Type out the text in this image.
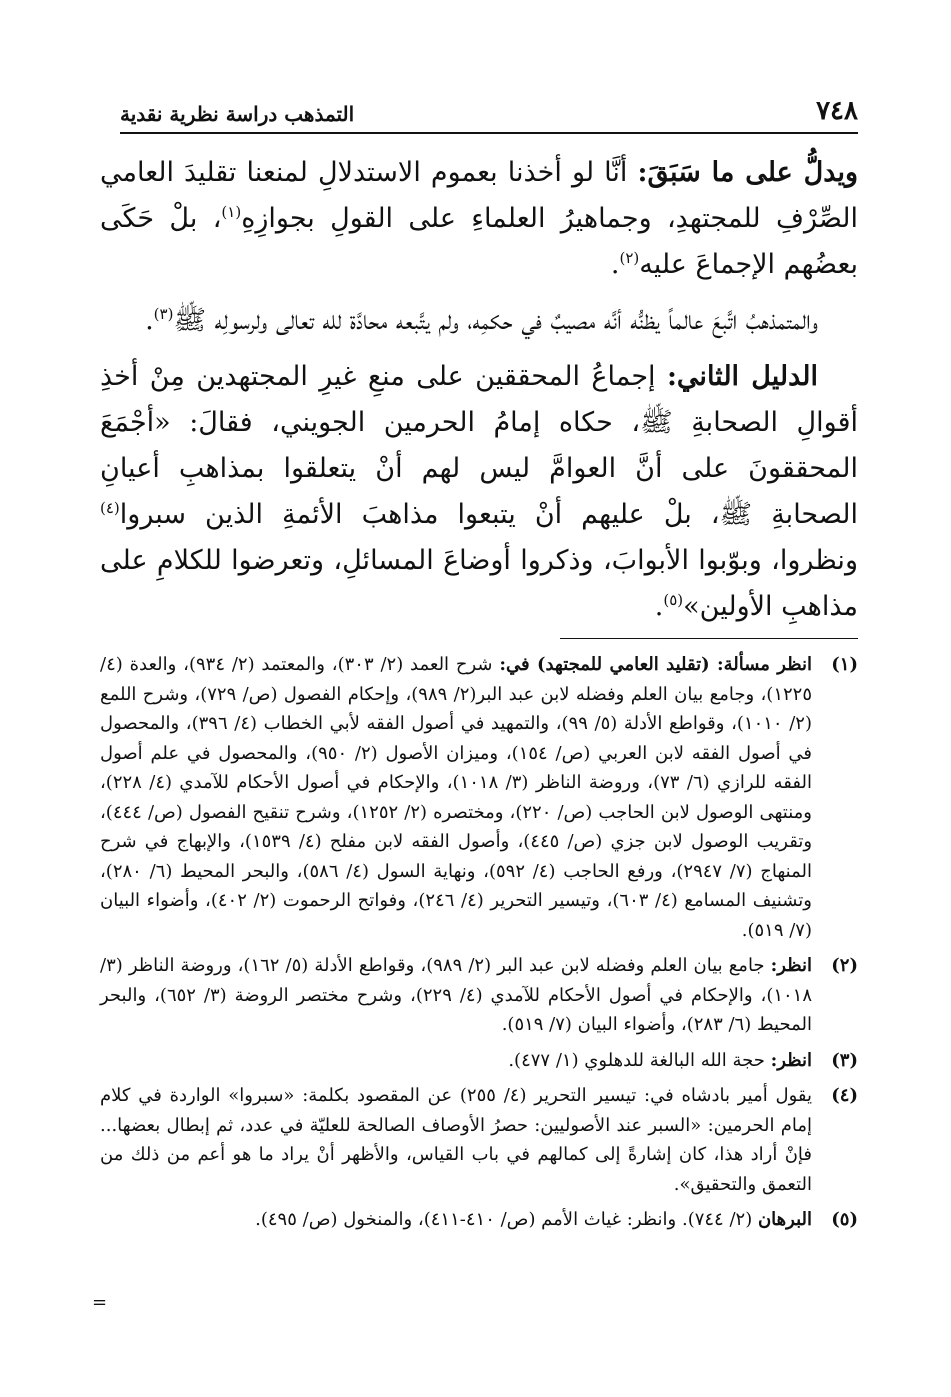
٧٤٨
التمذهب دراسة نظرية نقدية

ويدلُّ على ما سَبَقَ: أنَّا لو أخذنا بعموم الاستدلالِ لمنعنا تقليدَ العامي الصِّرْفِ للمجتهدِ، وجماهيرُ العلماءِ على القولِ بجوازِهِ$^{(١)}$، بلْ حَكَى بعضُهم الإجماعَ عليه$^{(٢)}$.

والمتمذهبُ اتَّبعَ عالماً يظنُّه أنَّه مصيبٌ في حكمِه، ولم يتَّبعه محادَّة لله تعالى ولرسولِه ﷺ$^{(٣)}$.

الدليل الثاني: إجماعُ المحققين على منعِ غيرِ المجتهدين مِنْ أخذِ أقوالِ الصحابةِ ﷺ، حكاه إمامُ الحرمين الجويني، فقالَ: «أجْمَعَ المحققونَ على أنَّ العوامَّ ليس لهم أنْ يتعلقوا بمذاهبِ أعيانِ الصحابةِ ﷺ، بلْ عليهم أنْ يتبعوا مذاهبَ الأئمةِ الذين سبروا$^{(٤)}$ ونظروا، وبوّبوا الأبوابَ، وذكروا أوضاعَ المسائلِ، وتعرضوا للكلامِ على مذاهبِ الأولين»$^{(٥)}$.

(١)
انظر مسألة: (تقليد العامي للمجتهد) في: شرح العمد (٢/ ٣٠٣)، والمعتمد (٢/ ٩٣٤)، والعدة (٤/ ١٢٢٥)، وجامع بيان العلم وفضله لابن عبد البر(٢/ ٩٨٩)، وإحكام الفصول (ص/ ٧٢٩)، وشرح اللمع (٢/ ١٠١٠)، وقواطع الأدلة (٥/ ٩٩)، والتمهيد في أصول الفقه لأبي الخطاب (٤/ ٣٩٦)، والمحصول في أصول الفقه لابن العربي (ص/ ١٥٤)، وميزان الأصول (٢/ ٩٥٠)، والمحصول في علم أصول الفقه للرازي (٦/ ٧٣)، وروضة الناظر (٣/ ١٠١٨)، والإحكام في أصول الأحكام للآمدي (٤/ ٢٢٨)، ومنتهى الوصول لابن الحاجب (ص/ ٢٢٠)، ومختصره (٢/ ١٢٥٢)، وشرح تنقيح الفصول (ص/ ٤٤٤)، وتقريب الوصول لابن جزي (ص/ ٤٤٥)، وأصول الفقه لابن مفلح (٤/ ١٥٣٩)، والإبهاج في شرح المنهاج (٧/ ٢٩٤٧)، ورفع الحاجب (٤/ ٥٩٢)، ونهاية السول (٤/ ٥٨٦)، والبحر المحيط (٦/ ٢٨٠)، وتشنيف المسامع (٤/ ٦٠٣)، وتيسير التحرير (٤/ ٢٤٦)، وفواتح الرحموت (٢/ ٤٠٢)، وأضواء البيان (٧/ ٥١٩).
(٢)
انظر: جامع بيان العلم وفضله لابن عبد البر (٢/ ٩٨٩)، وقواطع الأدلة (٥/ ١٦٢)، وروضة الناظر (٣/ ١٠١٨)، والإحكام في أصول الأحكام للآمدي (٤/ ٢٢٩)، وشرح مختصر الروضة (٣/ ٦٥٢)، والبحر المحيط (٦/ ٢٨٣)، وأضواء البيان (٧/ ٥١٩).
(٣)
انظر: حجة الله البالغة للدهلوي (١/ ٤٧٧).
(٤)
يقول أمير بادشاه في: تيسير التحرير (٤/ ٢٥٥) عن المقصود بكلمة: «سبروا» الواردة في كلام إمام الحرمين: «السبر عند الأصوليين: حصرُ الأوصاف الصالحة للعليّة في عدد، ثم إبطال بعضها... فإنْ أراد هذا، كان إشارةً إلى كمالهم في باب القياس، والأظهر أنْ يراد ما هو أعم من ذلك من التعمق والتحقيق».
(٥)
البرهان (٢/ ٧٤٤). وانظر: غياث الأمم (ص/ ٤١٠-٤١١)، والمنخول (ص/ ٤٩٥).
=
